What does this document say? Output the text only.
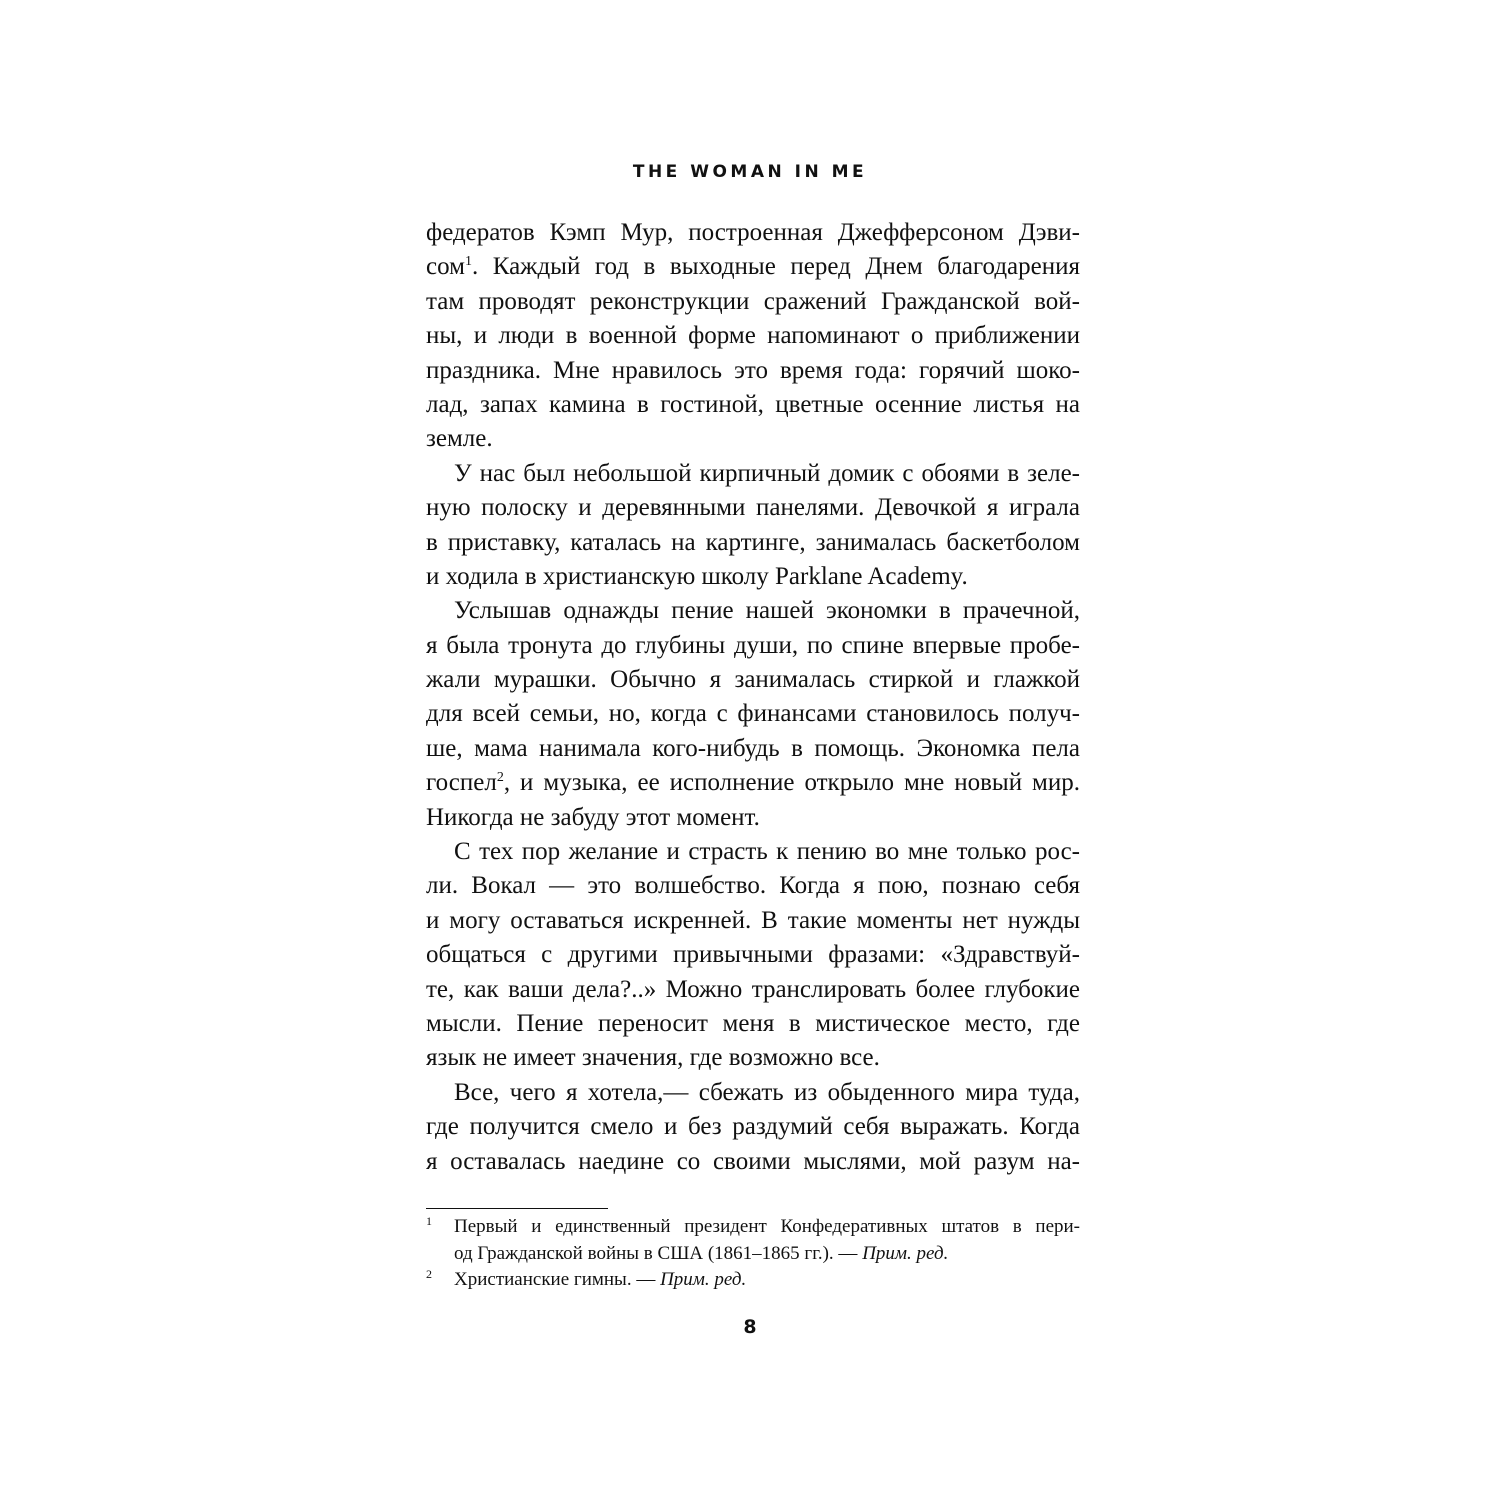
THE WOMAN IN ME
федератов Кэмп Мур, построенная Джефферсоном Дэви-
сом$^1$. Каждый год в выходные перед Днем благодарения
там проводят реконструкции сражений Гражданской вой-
ны, и люди в военной форме напоминают о приближении
праздника. Мне нравилось это время года: горячий шоко-
лад, запах камина в гостиной, цветные осенние листья на
земле.
У нас был небольшой кирпичный домик с обоями в зеле-
ную полоску и деревянными панелями. Девочкой я играла
в приставку, каталась на картинге, занималась баскетболом
и ходила в христианскую школу Parklane Academy.
Услышав однажды пение нашей экономки в прачечной,
я была тронута до глубины души, по спине впервые пробе-
жали мурашки. Обычно я занималась стиркой и глажкой
для всей семьи, но, когда с финансами становилось получ-
ше, мама нанимала кого-нибудь в помощь. Экономка пела
госпел$^2$, и музыка, ее исполнение открыло мне новый мир.
Никогда не забуду этот момент.
С тех пор желание и страсть к пению во мне только рос-
ли. Вокал — это волшебство. Когда я пою, познаю себя
и могу оставаться искренней. В такие моменты нет нужды
общаться с другими привычными фразами: «Здравствуй-
те, как ваши дела?..» Можно транслировать более глубокие
мысли. Пение переносит меня в мистическое место, где
язык не имеет значения, где возможно все.
Все, чего я хотела,— сбежать из обыденного мира туда,
где получится смело и без раздумий себя выражать. Когда
я оставалась наедине со своими мыслями, мой разум на-
1 Первый и единственный президент Конфедеративных штатов в пери-
од Гражданской войны в США (1861–1865 гг.). — Прим. ред.
2 Христианские гимны. — Прим. ред.
8
